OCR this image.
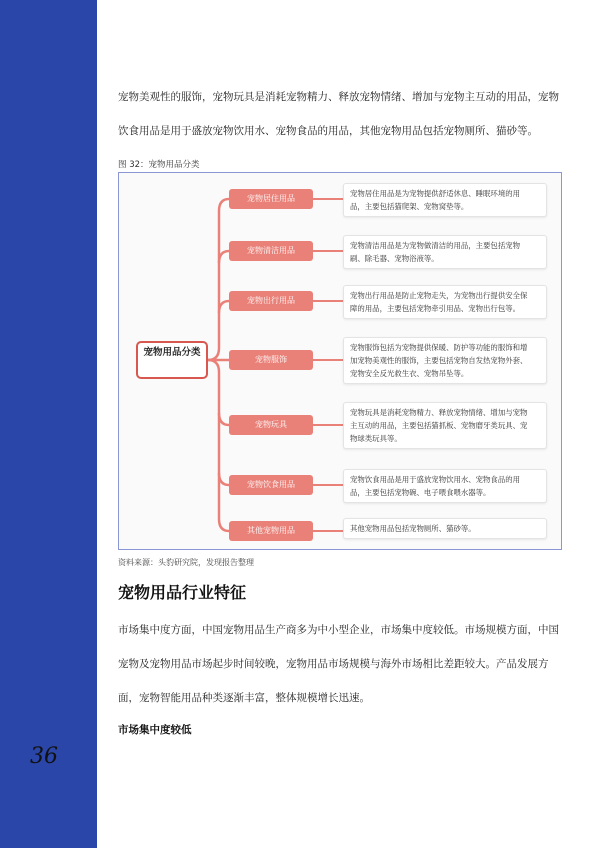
36
宠物美观性的服饰，宠物玩具是消耗宠物精力、释放宠物情绪、增加与宠物主互动的用品，宠物
饮食用品是用于盛放宠物饮用水、宠物食品的用品，其他宠物用品包括宠物厕所、猫砂等。
图 32：宠物用品分类
宠物用品分类
宠物居住用品
宠物居住用品是为宠物提供舒适休息、睡眠环境的用
品，主要包括猫爬架、宠物窝垫等。
宠物清洁用品
宠物清洁用品是为宠物做清洁的用品，主要包括宠物
刷、除毛器、宠物浴液等。
宠物出行用品
宠物出行用品是防止宠物走失，为宠物出行提供安全保
障的用品，主要包括宠物牵引用品、宠物出行包等。
宠物服饰
宠物服饰包括为宠物提供保暖、防护等功能的服饰和增
加宠物美观性的服饰，主要包括宠物自发热宠物外套、
宠物安全反光救生衣、宠物吊坠等。
宠物玩具
宠物玩具是消耗宠物精力、释放宠物情绪、增加与宠物
主互动的用品，主要包括猫抓板、宠物磨牙类玩具、宠
物球类玩具等。
宠物饮食用品
宠物饮食用品是用于盛放宠物饮用水、宠物食品的用
品，主要包括宠物碗、电子喂食喂水器等。
其他宠物用品	其他宠物用品包括宠物厕所、猫砂等。
资料来源：头豹研究院，发现报告整理
宠物用品行业特征
市场集中度方面，中国宠物用品生产商多为中小型企业，市场集中度较低。市场规模方面，中国
宠物及宠物用品市场起步时间较晚，宠物用品市场规模与海外市场相比差距较大。产品发展方
面，宠物智能用品种类逐渐丰富，整体规模增长迅速。
市场集中度较低
